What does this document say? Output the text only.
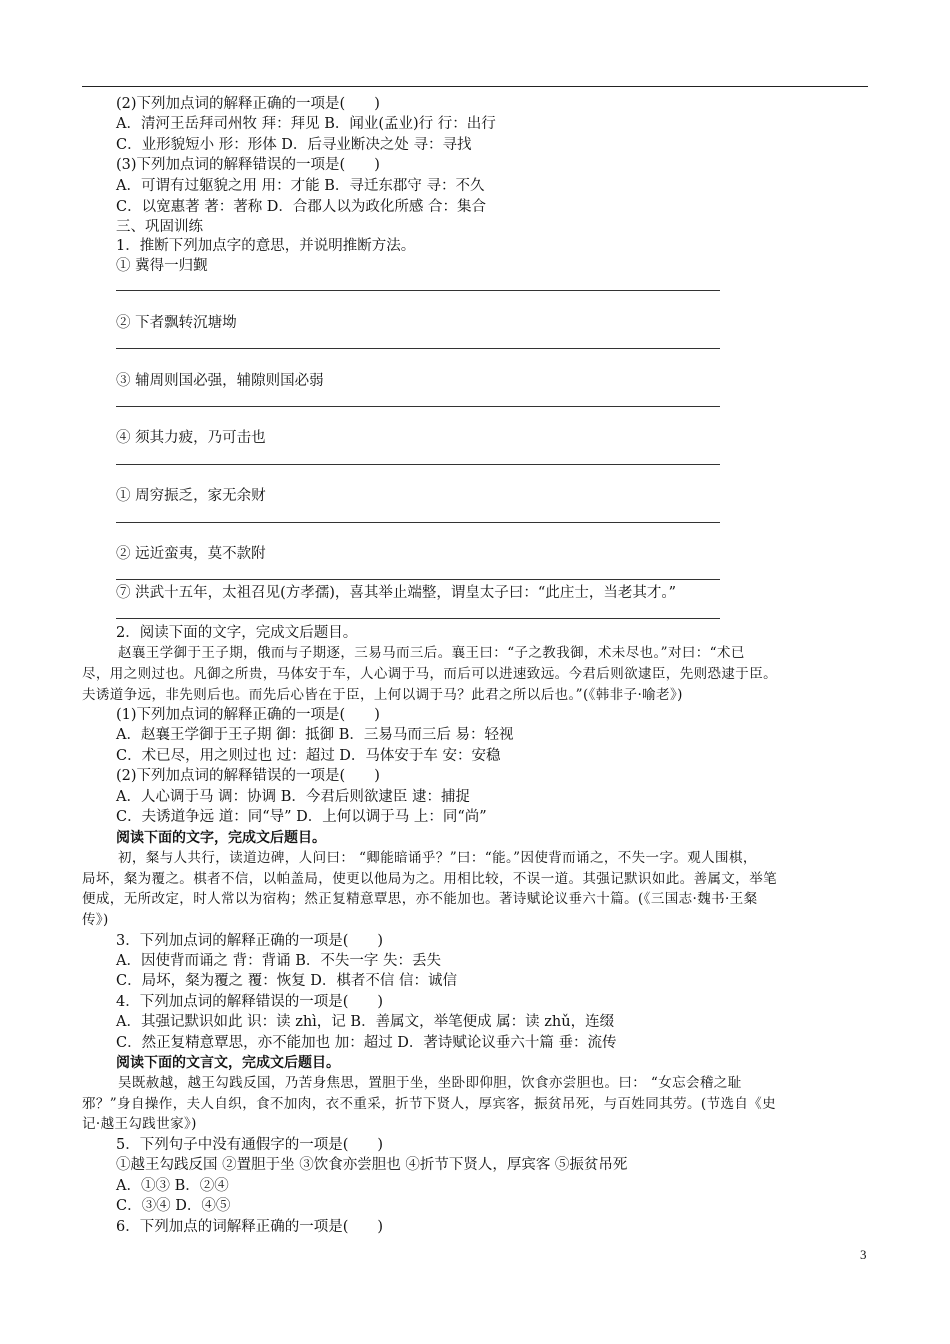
(2)下列加点词的解释正确的一项是(　　)
A．清河王岳拜司州牧 拜：拜见 B．闻业(孟业)行 行：出行
C．业形貌短小 形：形体 D．后寻业断决之处 寻：寻找
(3)下列加点词的解释错误的一项是(　　)
A．可谓有过躯貌之用 用：才能 B．寻迁东郡守 寻：不久
C．以宽惠著 著：著称 D．合郡人以为政化所感 合：集合
三、巩固训练
1．推断下列加点字的意思，并说明推断方法。
① 冀得一归觐
② 下者飘转沉塘坳
③ 辅周则国必强，辅隙则国必弱
④ 须其力疲，乃可击也
① 周穷振乏，家无余财
② 远近蛮夷，莫不款附
⑦ 洪武十五年，太祖召见(方孝孺)，喜其举止端整，谓皇太子曰：“此庄士，当老其才。”
2．阅读下面的文字，完成文后题目。
赵襄王学御于王子期，俄而与子期逐，三易马而三后。襄王曰：“子之教我御，术未尽也。”对曰：“术已
尽，用之则过也。凡御之所贵，马体安于车，人心调于马，而后可以进速致远。今君后则欲逮臣，先则恐逮于臣。
夫诱道争远，非先则后也。而先后心皆在于臣，上何以调于马？此君之所以后也。”(《韩非子·喻老》)
(1)下列加点词的解释正确的一项是(　　)
A．赵襄王学御于王子期 御：抵御 B．三易马而三后 易：轻视
C．术已尽，用之则过也 过：超过 D．马体安于车 安：安稳
(2)下列加点词的解释错误的一项是(　　)
A．人心调于马 调：协调 B．今君后则欲逮臣 逮：捕捉
C．夫诱道争远 道：同“导” D．上何以调于马 上：同“尚”
阅读下面的文字，完成文后题目。
初，粲与人共行，读道边碑，人问曰： “卿能暗诵乎？”曰：“能。”因使背而诵之，不失一字。观人围棋，
局坏，粲为覆之。棋者不信，以帕盖局，使更以他局为之。用相比较，不误一道。其强记默识如此。善属文，举笔
便成，无所改定，时人常以为宿构；然正复精意覃思，亦不能加也。著诗赋论议垂六十篇。(《三国志·魏书·王粲
传》)
3．下列加点词的解释正确的一项是(　　)
A．因使背而诵之 背：背诵 B．不失一字 失：丢失
C．局坏，粲为覆之 覆：恢复 D．棋者不信 信：诚信
4．下列加点词的解释错误的一项是(　　)
A．其强记默识如此 识：读 zhì，记 B．善属文，举笔便成 属：读 zhǔ，连缀
C．然正复精意覃思，亦不能加也 加：超过 D．著诗赋论议垂六十篇 垂：流传
阅读下面的文言文，完成文后题目。
吴既赦越，越王勾践反国，乃苦身焦思，置胆于坐，坐卧即仰胆，饮食亦尝胆也。曰： “女忘会稽之耻
邪？”身自操作，夫人自织，食不加肉，衣不重采，折节下贤人，厚宾客，振贫吊死，与百姓同其劳。(节选自《史
记·越王勾践世家》)
5．下列句子中没有通假字的一项是(　　)
①越王勾践反国 ②置胆于坐 ③饮食亦尝胆也 ④折节下贤人，厚宾客 ⑤振贫吊死
A．①③ B．②④
C．③④ D．④⑤
6．下列加点的词解释正确的一项是(　　)
3
